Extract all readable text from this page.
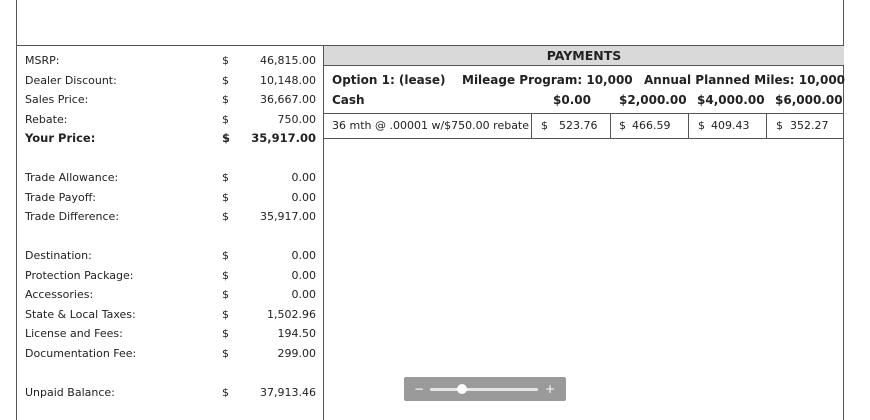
MSRP:	$	46,815.00
Dealer Discount:	$	10,148.00
Sales Price:	$	36,667.00
Rebate:	$	750.00
Your Price:	$ 35,917.00
Trade Allowance:	$	0.00
Trade Payoff:	$	0.00
Trade Difference:	$	35,917.00
Destination:	$	0.00
Protection Package:	$	0.00
Accessories:	$	0.00
State & Local Taxes:	$	1,502.96
License and Fees:	$	194.50
Documentation Fee:	$	299.00
Unpaid Balance:	$	37,913.46
PAYMENTS
Option 1: (lease) Mileage Program: 10,000 Annual Planned Miles: 10,000
Cash	$0.00 $2,000.00 $4,000.00 $6,000.00
36 mth @ .00001 w/$750.00 rebate $ 523.76 $ 466.59	$ 409.43 $ 352.27
−	+
